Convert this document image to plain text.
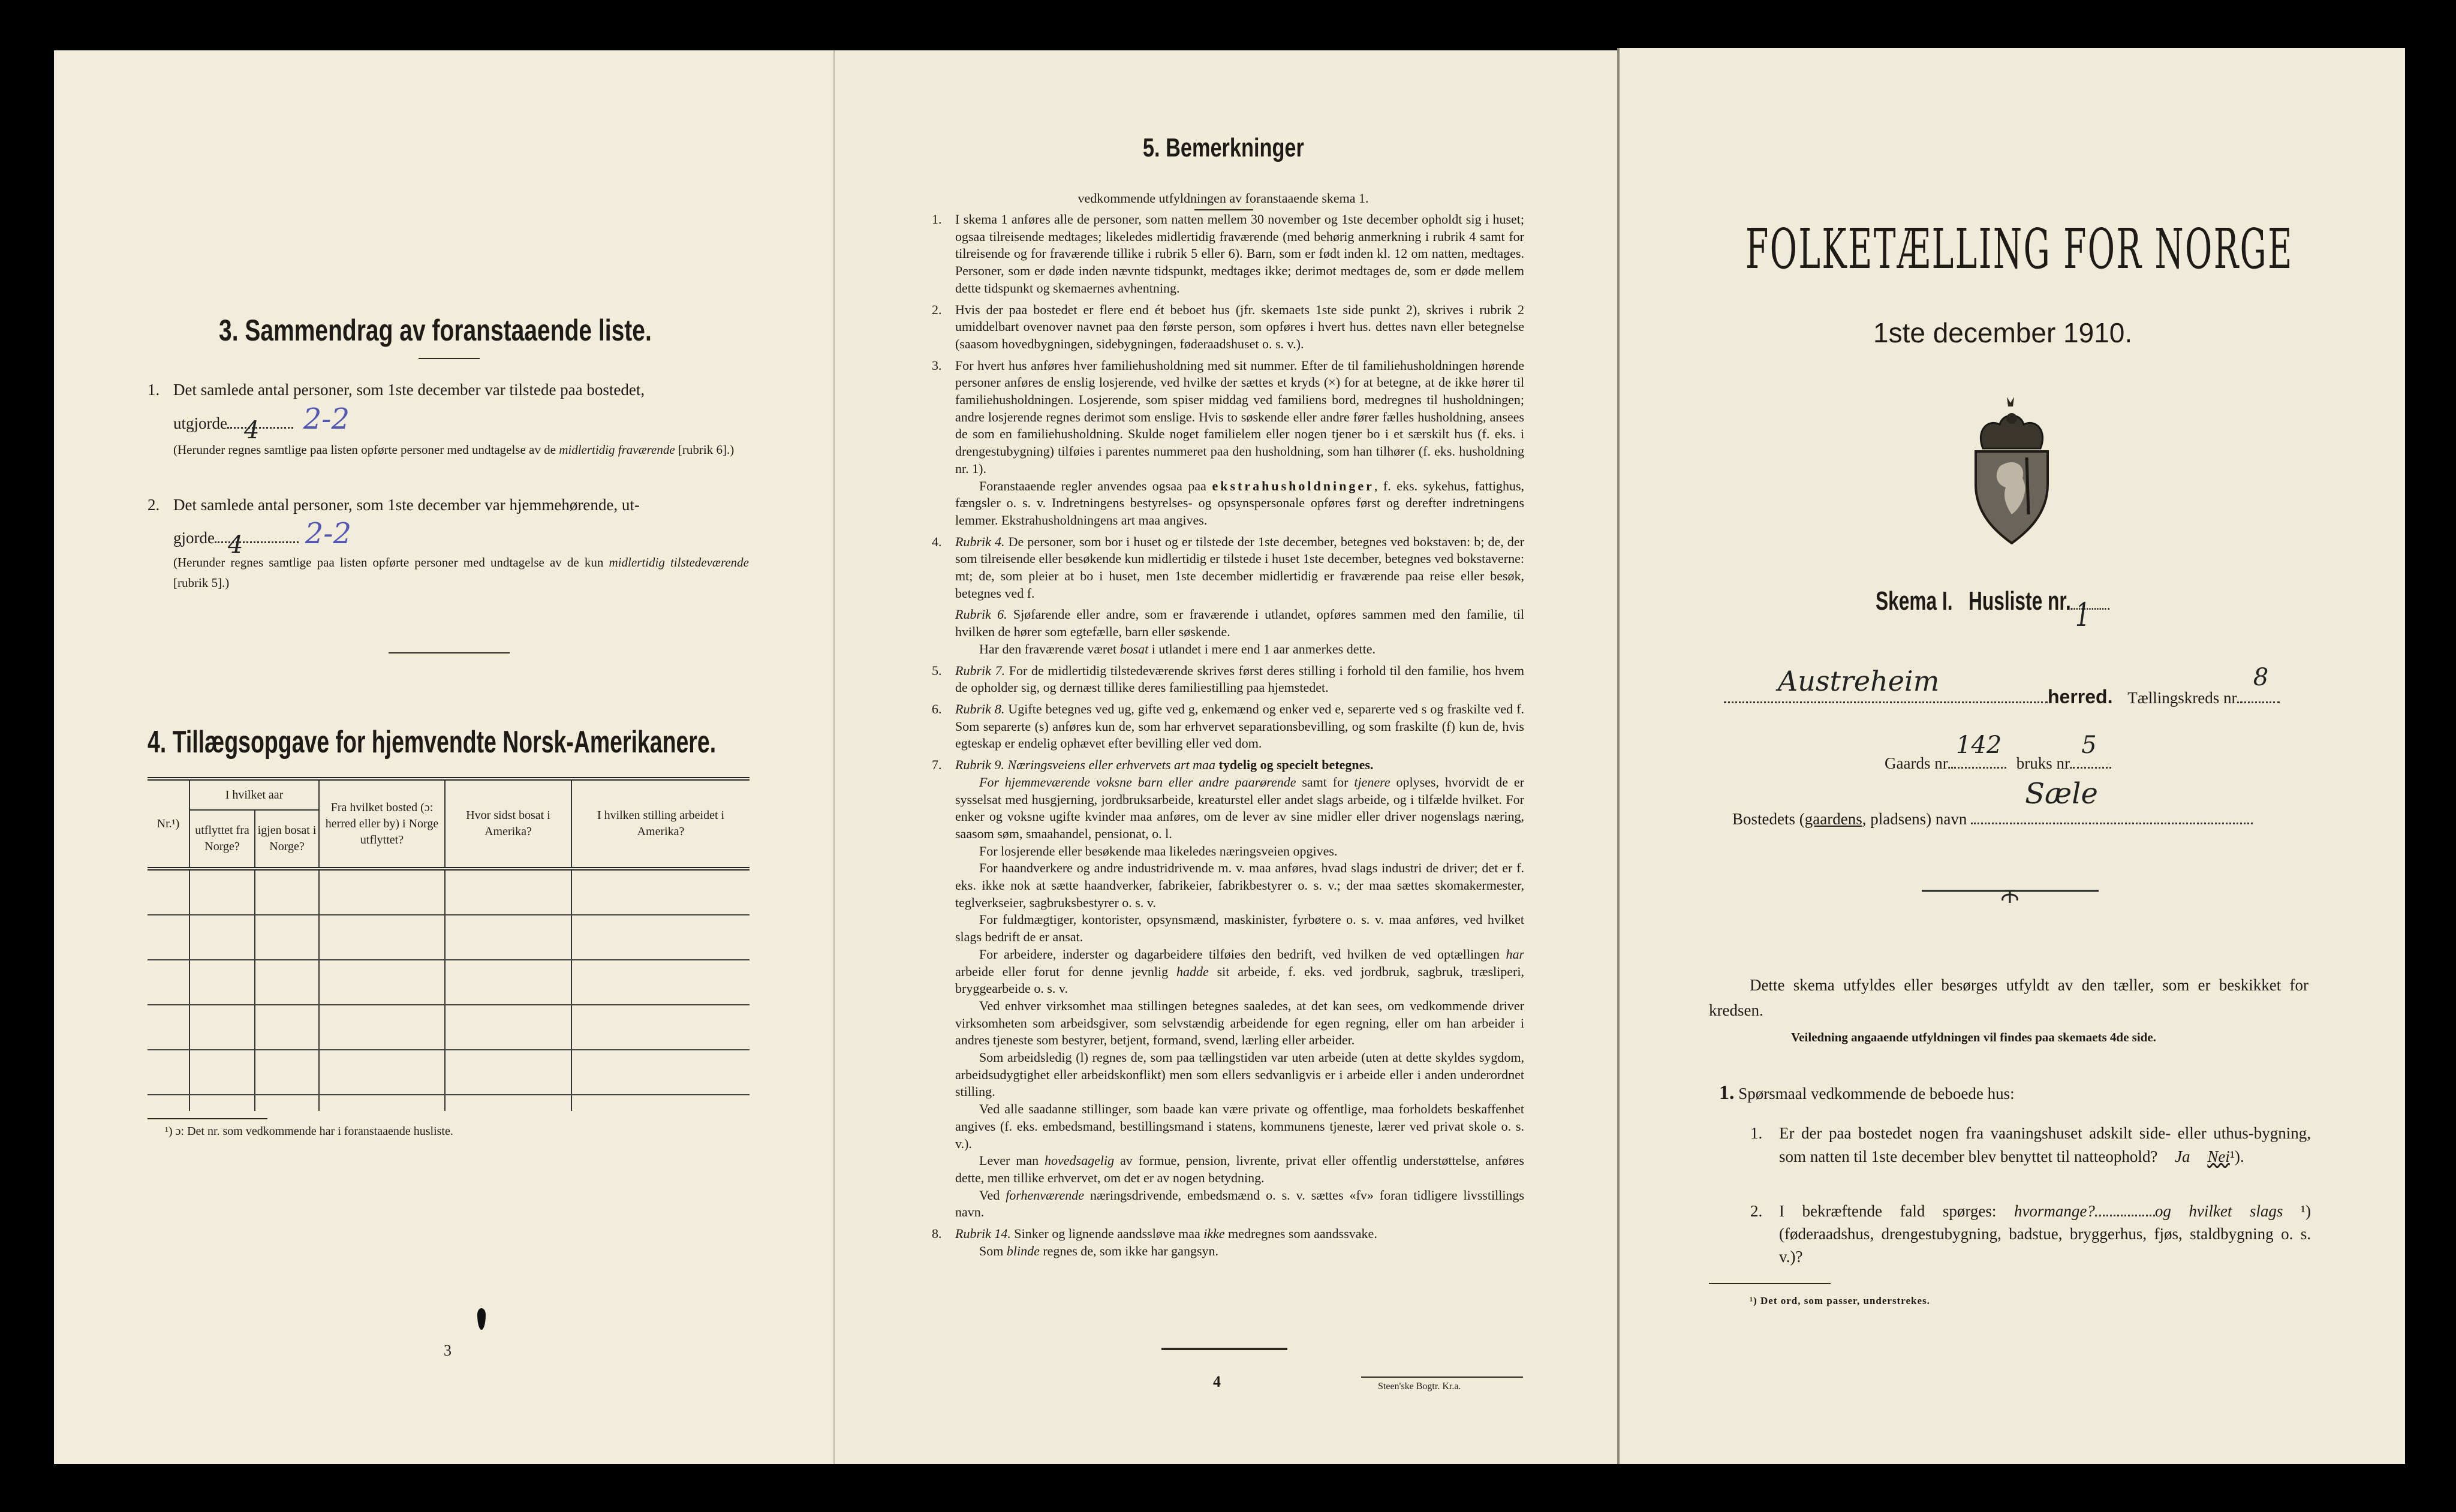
3. Sammendrag av foranstaaende liste.
1. Det samlede antal personer, som 1ste december var tilstede paa bostedet,
utgjorde 4 2-2
(Herunder regnes samtlige paa listen opførte personer med undtagelse av de midlertidig fraværende [rubrik 6].)
2. Det samlede antal personer, som 1ste december var hjemmehørende, ut-
gjorde 4 2-2
(Herunder regnes samtlige paa listen opførte personer med undtagelse av de kun midlertidig tilstedeværende [rubrik 5].)
4. Tillægsopgave for hjemvendte Norsk-Amerikanere.
Nr.¹)	I hvilket aar		Fra hvilket bosted (ɔ: herred eller by) i Norge utflyttet?	Hvor sidst bosat i Amerika?	I hvilken stilling arbeidet i Amerika?
	utflyttet fra Norge?	igjen bosat i Norge?			

¹) ɔ: Det nr. som vedkommende har i foranstaaende husliste.
3
5. Bemerkninger
vedkommende utfyldningen av foranstaaende skema 1.
1. I skema 1 anføres alle de personer, som natten mellem 30 november og 1ste december opholdt sig i huset; ogsaa tilreisende medtages; likeledes midlertidig fraværende (med behørig anmerkning i rubrik 4 samt for tilreisende og for fraværende tillike i rubrik 5 eller 6). Barn, som er født inden kl. 12 om natten, medtages. Personer, som er døde inden nævnte tidspunkt, medtages ikke; derimot medtages de, som er døde mellem dette tidspunkt og skemaernes avhentning.
2. Hvis der paa bostedet er flere end ét beboet hus (jfr. skemaets 1ste side punkt 2), skrives i rubrik 2 umiddelbart ovenover navnet paa den første person, som opføres i hvert hus. dettes navn eller betegnelse (saasom hovedbygningen, sidebygningen, føderaadshuset o. s. v.).
3. For hvert hus anføres hver familiehusholdning med sit nummer. Efter de til familiehusholdningen hørende personer anføres de enslig losjerende, ved hvilke der sættes et kryds (×) for at betegne, at de ikke hører til familiehusholdningen. Losjerende, som spiser middag ved familiens bord, medregnes til husholdningen; andre losjerende regnes derimot som enslige. Hvis to søskende eller andre fører fælles husholdning, ansees de som en familiehusholdning. Skulde noget familielem eller nogen tjener bo i et særskilt hus (f. eks. i drengestubygning) tilføies i parentes nummeret paa den husholdning, som han tilhører (f. eks. husholdning nr. 1).
Foranstaaende regler anvendes ogsaa paa ekstrahusholdninger, f. eks. sykehus, fattighus, fængsler o. s. v. Indretningens bestyrelses- og opsynspersonale opføres først og derefter indretningens lemmer. Ekstrahusholdningens art maa angives.
4. Rubrik 4. De personer, som bor i huset og er tilstede der 1ste december, betegnes ved bokstaven: b; de, der som tilreisende eller besøkende kun midlertidig er tilstede i huset 1ste december, betegnes ved bokstaverne: mt; de, som pleier at bo i huset, men 1ste december midlertidig er fraværende paa reise eller besøk, betegnes ved f.
Rubrik 6. Sjøfarende eller andre, som er fraværende i utlandet, opføres sammen med den familie, til hvilken de hører som egtefælle, barn eller søskende.
Har den fraværende været bosat i utlandet i mere end 1 aar anmerkes dette.
5. Rubrik 7. For de midlertidig tilstedeværende skrives først deres stilling i forhold til den familie, hos hvem de opholder sig, og dernæst tillike deres familiestilling paa hjemstedet.
6. Rubrik 8. Ugifte betegnes ved ug, gifte ved g, enkemænd og enker ved e, separerte ved s og fraskilte ved f. Som separerte (s) anføres kun de, som har erhvervet separationsbevilling, og som fraskilte (f) kun de, hvis egteskap er endelig ophævet efter bevilling eller ved dom.
7. Rubrik 9. Næringsveiens eller erhvervets art maa tydelig og specielt betegnes.
For hjemmeværende voksne barn eller andre paarørende samt for tjenere oplyses, hvorvidt de er sysselsat med husgjerning, jordbruksarbeide, kreaturstel eller andet slags arbeide, og i tilfælde hvilket. For enker og voksne ugifte kvinder maa anføres, om de lever av sine midler eller driver nogenslags næring, saasom søm, smaahandel, pensionat, o. l.
For losjerende eller besøkende maa likeledes næringsveien opgives.
For haandverkere og andre industridrivende m. v. maa anføres, hvad slags industri de driver; det er f. eks. ikke nok at sætte haandverker, fabrikeier, fabrikbestyrer o. s. v.; der maa sættes skomakermester, teglverkseier, sagbruksbestyrer o. s. v.
For fuldmægtiger, kontorister, opsynsmænd, maskinister, fyrbøtere o. s. v. maa anføres, ved hvilket slags bedrift de er ansat.
For arbeidere, inderster og dagarbeidere tilføies den bedrift, ved hvilken de ved optællingen har arbeide eller forut for denne jevnlig hadde sit arbeide, f. eks. ved jordbruk, sagbruk, træsliperi, bryggearbeide o. s. v.
Ved enhver virksomhet maa stillingen betegnes saaledes, at det kan sees, om vedkommende driver virksomheten som arbeidsgiver, som selvstændig arbeidende for egen regning, eller om han arbeider i andres tjeneste som bestyrer, betjent, formand, svend, lærling eller arbeider.
Som arbeidsledig (l) regnes de, som paa tællingstiden var uten arbeide (uten at dette skyldes sygdom, arbeidsudygtighet eller arbeidskonflikt) men som ellers sedvanligvis er i arbeide eller i anden underordnet stilling.
Ved alle saadanne stillinger, som baade kan være private og offentlige, maa forholdets beskaffenhet angives (f. eks. embedsmand, bestillingsmand i statens, kommunens tjeneste, lærer ved privat skole o. s. v.).
Lever man hovedsagelig av formue, pension, livrente, privat eller offentlig understøttelse, anføres dette, men tillike erhvervet, om det er av nogen betydning.
Ved forhenværende næringsdrivende, embedsmænd o. s. v. sættes «fv» foran tidligere livsstillings navn.
8. Rubrik 14. Sinker og lignende aandssløve maa ikke medregnes som aandssvake.
Som blinde regnes de, som ikke har gangsyn.
4	Steen'ske Bogtr. Kr.a.
FOLKETÆLLING FOR NORGE
1ste december 1910.
Skema I. Husliste nr. 1
Austreheim	herred. Tællingskreds nr.
8
Gaards nr.
142
bruks nr.
5
Bostedets (gaardens, pladsens) navn
Sæle
Dette skema utfyldes eller besørges utfyldt av den tæller, som er beskikket for kredsen.
Veiledning angaaende utfyldningen vil findes paa skemaets 4de side.
1. Spørsmaal vedkommende de beboede hus:
1.	Er der paa bostedet nogen fra vaaningshuset adskilt side- eller uthus-bygning, som natten til 1ste december blev benyttet til natteophold? Ja Nei¹).
2.	I bekræftende fald spørges: hvormange?	og hvilket slags ¹) (føderaadshus, drengestubygning, badstue, bryggerhus, fjøs, staldbygning o. s. v.)?
¹) Det ord, som passer, understrekes.
